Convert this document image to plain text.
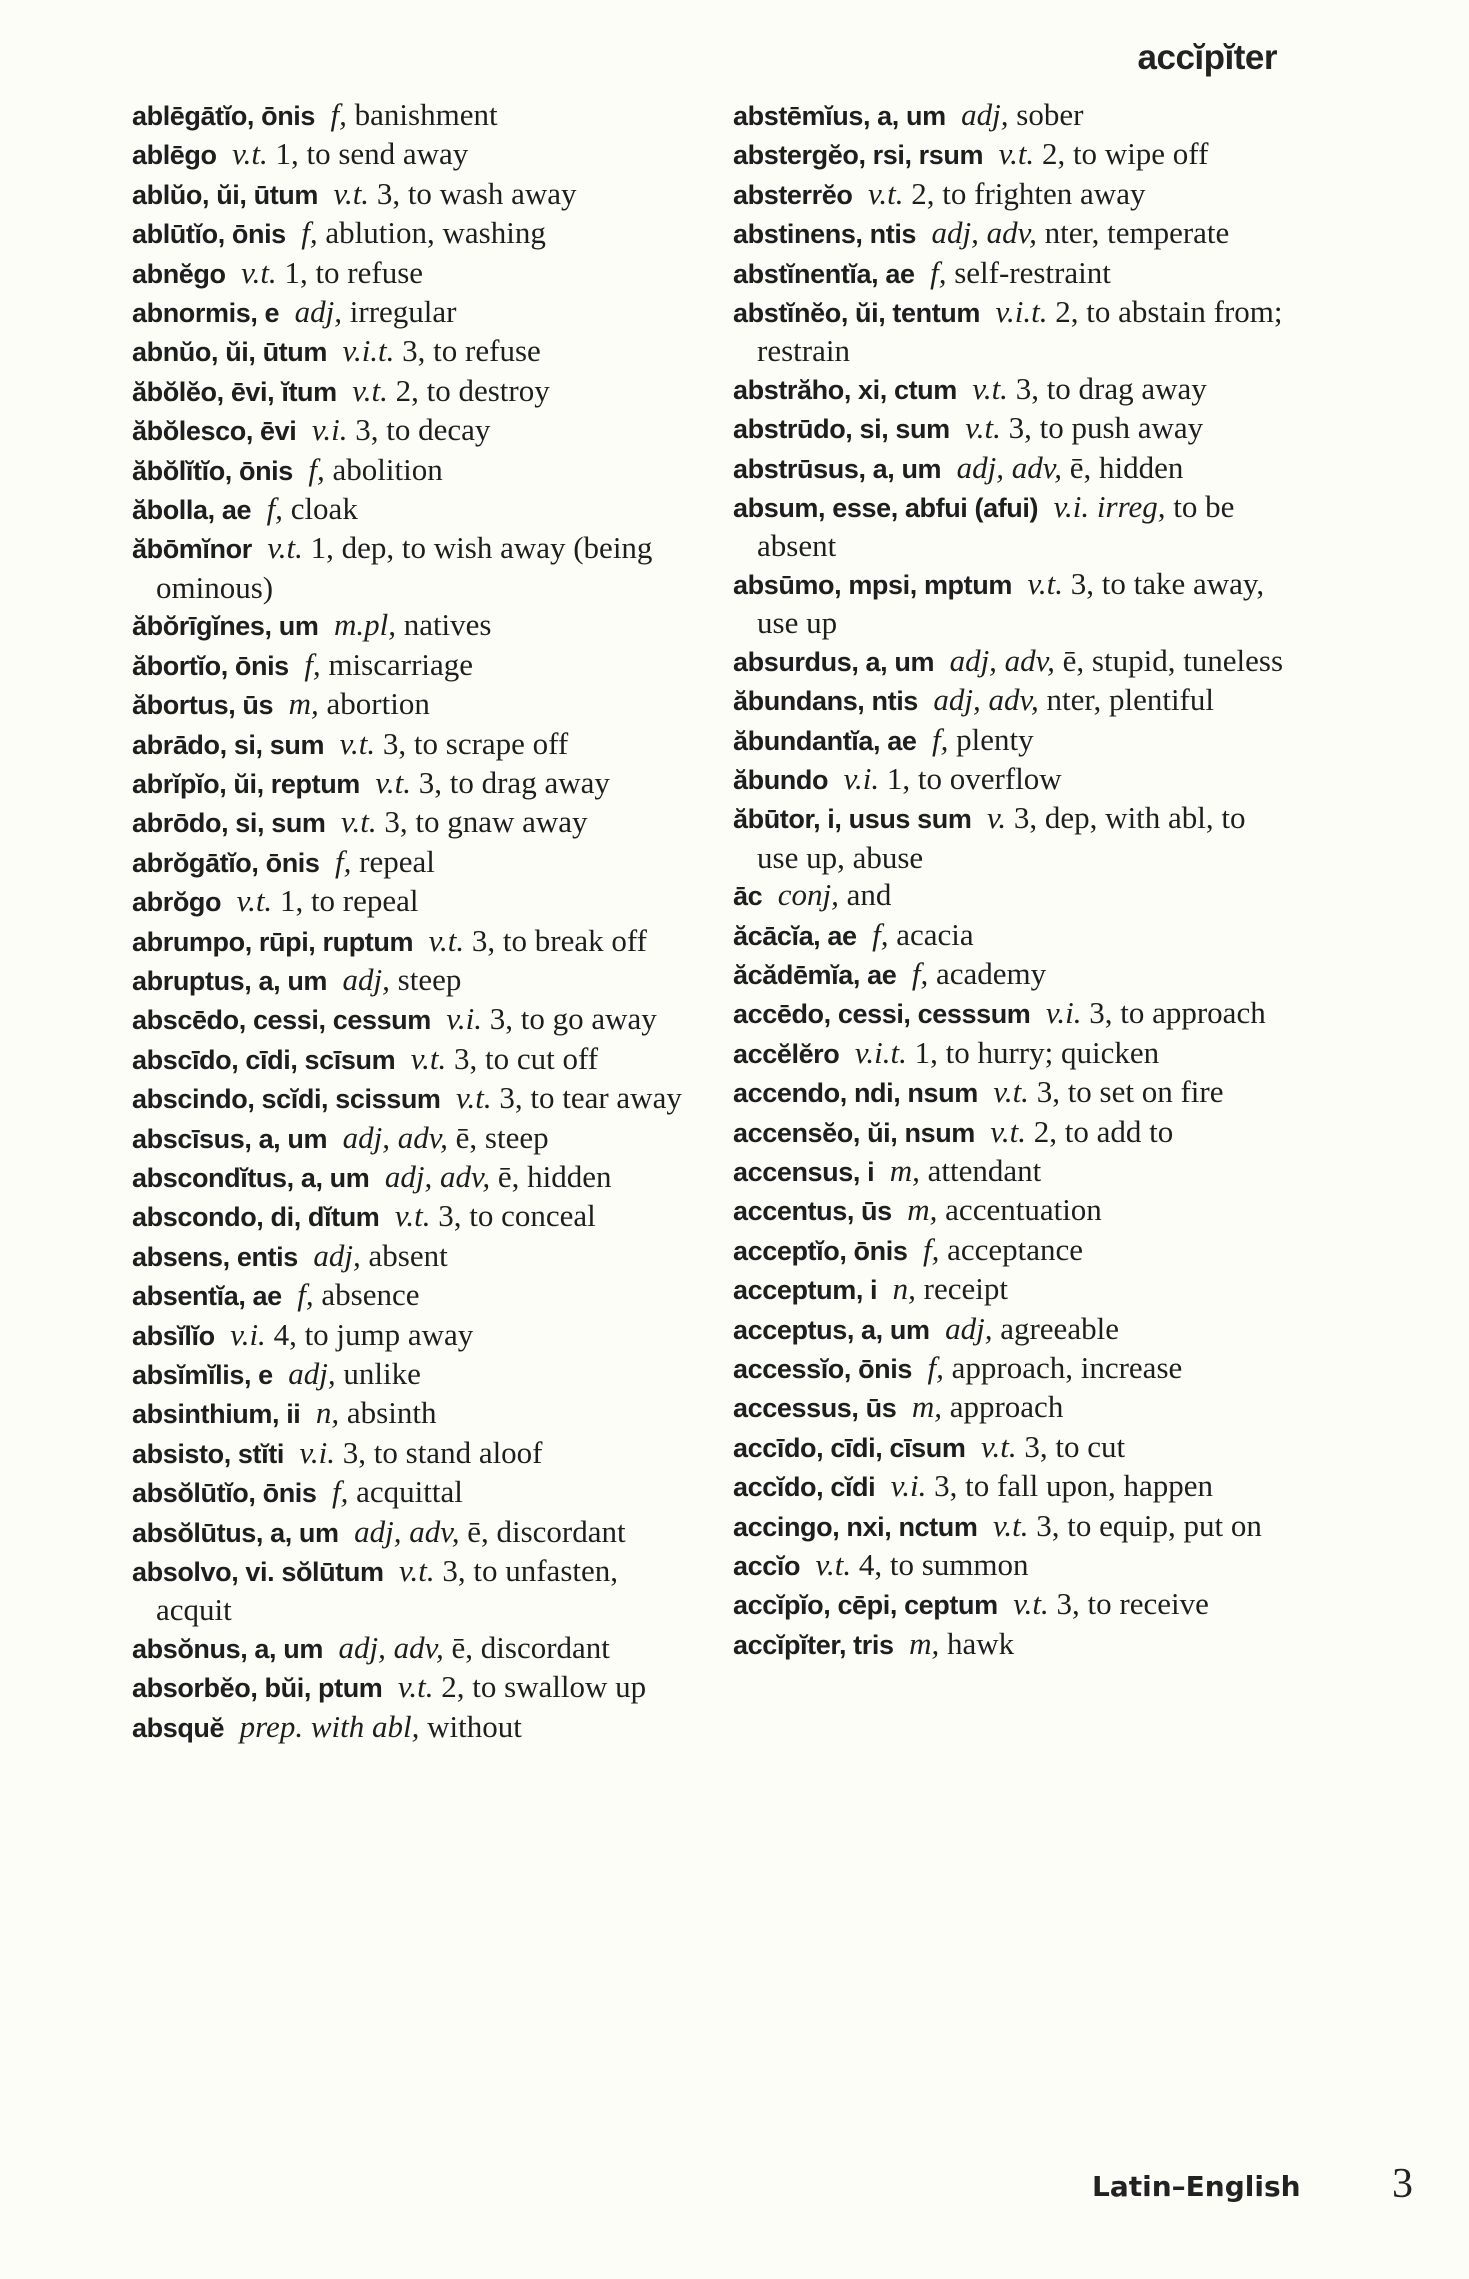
accĭpĭter

ablēgātĭo, ōnis  f, banishment

ablēgo  v.t. 1, to send away

ablŭo, ŭi, ūtum  v.t. 3, to wash away

ablūtĭo, ōnis  f, ablution, washing

abnĕgo  v.t. 1, to refuse

abnormis, e  adj, irregular

abnŭo, ŭi, ūtum  v.i.t. 3, to refuse

ăbŏlĕo, ēvi, ĭtum  v.t. 2, to destroy

ăbŏlesco, ēvi  v.i. 3, to decay

ăbŏlĭtĭo, ōnis  f, abolition

ăbolla, ae  f, cloak

ăbōmĭnor  v.t. 1, dep, to wish away (being ominous)

ăbŏrīgĭnes, um  m.pl, natives

ăbortĭo, ōnis  f, miscarriage

ăbortus, ūs  m, abortion

abrādo, si, sum  v.t. 3, to scrape off

abrĭpĭo, ŭi, reptum  v.t. 3, to drag away

abrōdo, si, sum  v.t. 3, to gnaw away

abrŏgātĭo, ōnis  f, repeal

abrŏgo  v.t. 1, to repeal

abrumpo, rūpi, ruptum  v.t. 3, to break off

abruptus, a, um  adj, steep

abscēdo, cessi, cessum  v.i. 3, to go away

abscīdo, cīdi, scīsum  v.t. 3, to cut off

abscindo, scĭdi, scissum  v.t. 3, to tear away

abscīsus, a, um  adj, adv, ē, steep

abscondĭtus, a, um  adj, adv, ē, hidden

abscondo, di, dĭtum  v.t. 3, to conceal

absens, entis  adj, absent

absentĭa, ae  f, absence

absĭlĭo  v.i. 4, to jump away

absĭmĭlis, e  adj, unlike

absinthium, ii  n, absinth

absisto, stĭti  v.i. 3, to stand aloof

absŏlūtĭo, ōnis  f, acquittal

absŏlūtus, a, um  adj, adv, ē, discordant

absolvo, vi. sŏlūtum  v.t. 3, to unfasten, acquit

absŏnus, a, um  adj, adv, ē, discordant

absorbĕo, bŭi, ptum  v.t. 2, to swallow up

absquĕ  prep. with abl, without

abstēmĭus, a, um  adj, sober

abstergĕo, rsi, rsum  v.t. 2, to wipe off

absterrĕo  v.t. 2, to frighten away

abstinens, ntis  adj, adv, nter, temperate

abstĭnentĭa, ae  f, self-restraint

abstĭnĕo, ŭi, tentum  v.i.t. 2, to abstain from; restrain

abstrăho, xi, ctum  v.t. 3, to drag away

abstrūdo, si, sum  v.t. 3, to push away

abstrūsus, a, um  adj, adv, ē, hidden

absum, esse, abfui (afui)  v.i. irreg, to be absent

absūmo, mpsi, mptum  v.t. 3, to take away, use up

absurdus, a, um  adj, adv, ē, stupid, tuneless

ăbundans, ntis  adj, adv, nter, plentiful

ăbundantĭa, ae  f, plenty

ăbundo  v.i. 1, to overflow

ăbūtor, i, usus sum  v. 3, dep, with abl, to use up, abuse

āc  conj, and

ăcācĭa, ae  f, acacia

ăcădēmĭa, ae  f, academy

accēdo, cessi, cesssum  v.i. 3, to approach

accĕlĕro  v.i.t. 1, to hurry; quicken

accendo, ndi, nsum  v.t. 3, to set on fire

accensĕo, ŭi, nsum  v.t. 2, to add to

accensus, i  m, attendant

accentus, ūs  m, accentuation

acceptĭo, ōnis  f, acceptance

acceptum, i  n, receipt

acceptus, a, um  adj, agreeable

accessĭo, ōnis  f, approach, increase

accessus, ūs  m, approach

accīdo, cīdi, cīsum  v.t. 3, to cut

accĭdo, cĭdi  v.i. 3, to fall upon, happen

accingo, nxi, nctum  v.t. 3, to equip, put on

accĭo  v.t. 4, to summon

accĭpĭo, cēpi, ceptum  v.t. 3, to receive

accĭpĭter, tris  m, hawk

Latin–English 3
